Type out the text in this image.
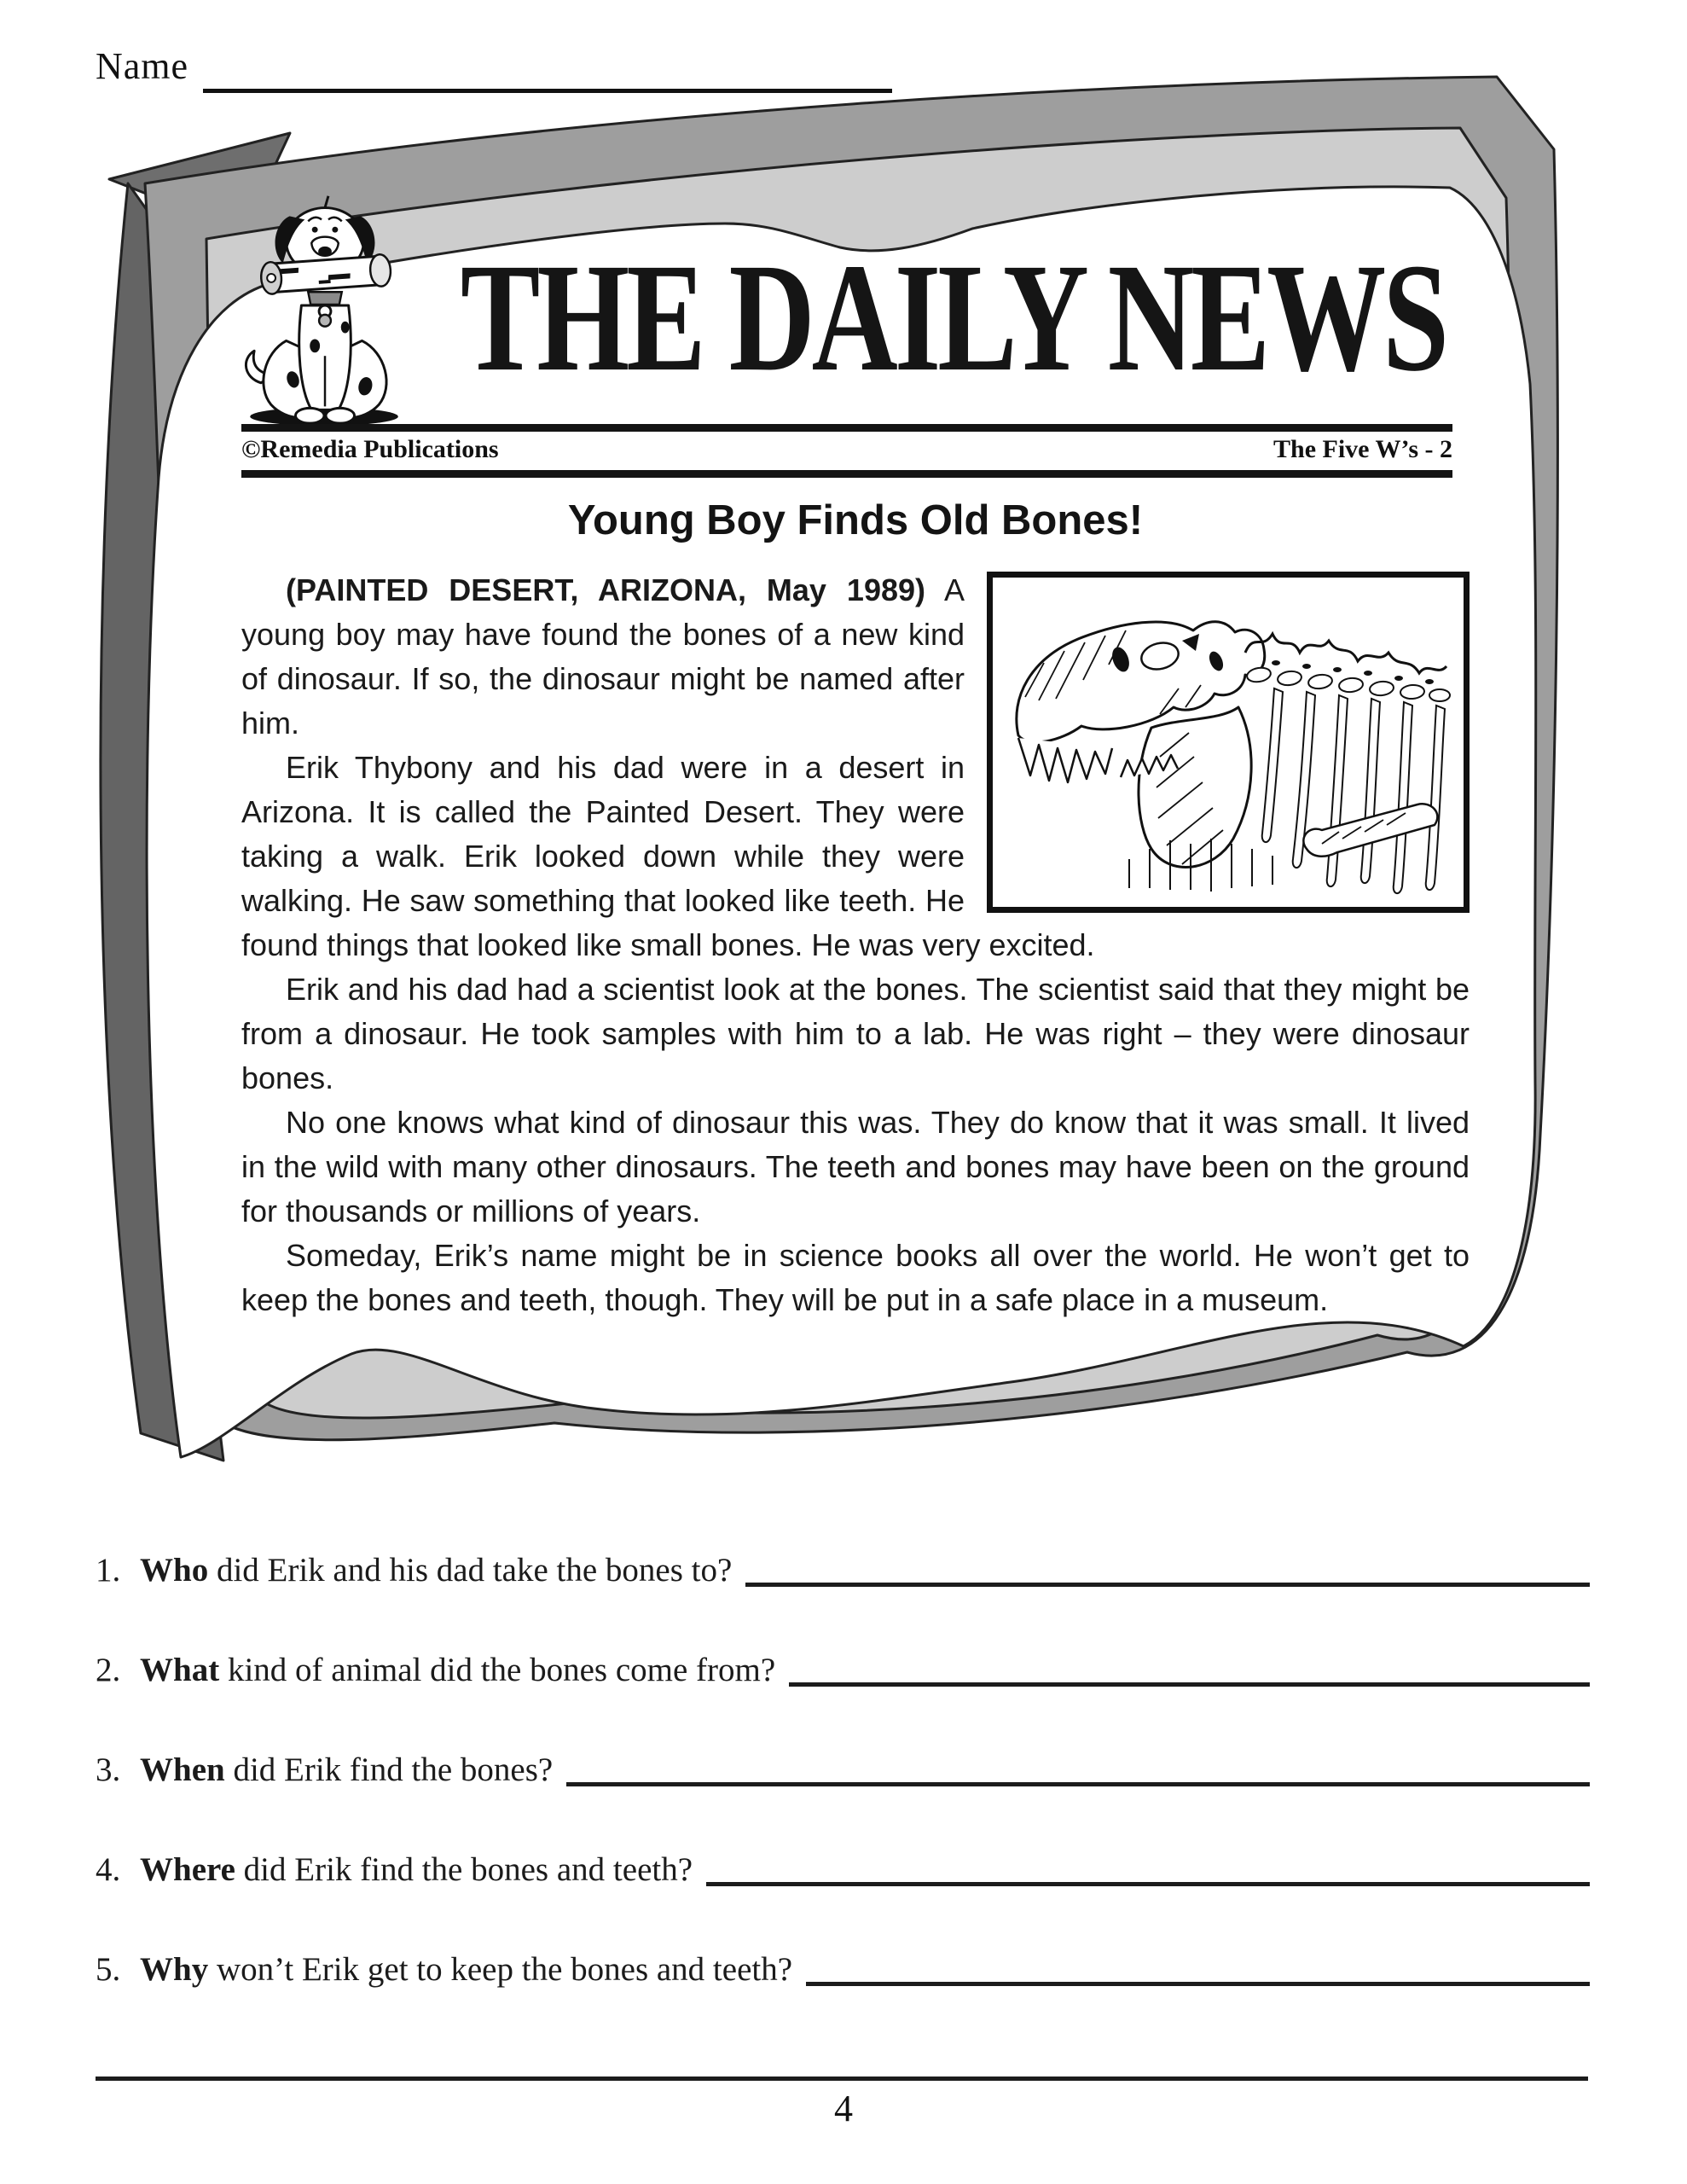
Name
THE DAILY NEWS
©Remedia Publications	The Five W’s - 2
Young Boy Finds Old Bones!

(PAINTED DESERT, ARIZONA, May 1989) A young boy may have found the bones of a new kind of dinosaur. If so, the dinosaur might be named after him.

Erik Thybony and his dad were in a desert in Arizona. It is called the Painted Desert. They were taking a walk. Erik looked down while they were walking. He saw something that looked like teeth. He found things that looked like small bones. He was very excited.

Erik and his dad had a scientist look at the bones. The scientist said that they might be from a dinosaur. He took samples with him to a lab. He was right – they were dinosaur bones.

No one knows what kind of dinosaur this was. They do know that it was small. It lived in the wild with many other dinosaurs. The teeth and bones may have been on the ground for thousands or millions of years.

Someday, Erik’s name might be in science books all over the world. He won’t get to keep the bones and teeth, though. They will be put in a safe place in a museum.

1. Who did Erik and his dad take the bones to?
2. What kind of animal did the bones come from?
3. When did Erik find the bones?
4. Where did Erik find the bones and teeth?
5. Why won’t Erik get to keep the bones and teeth?
4
